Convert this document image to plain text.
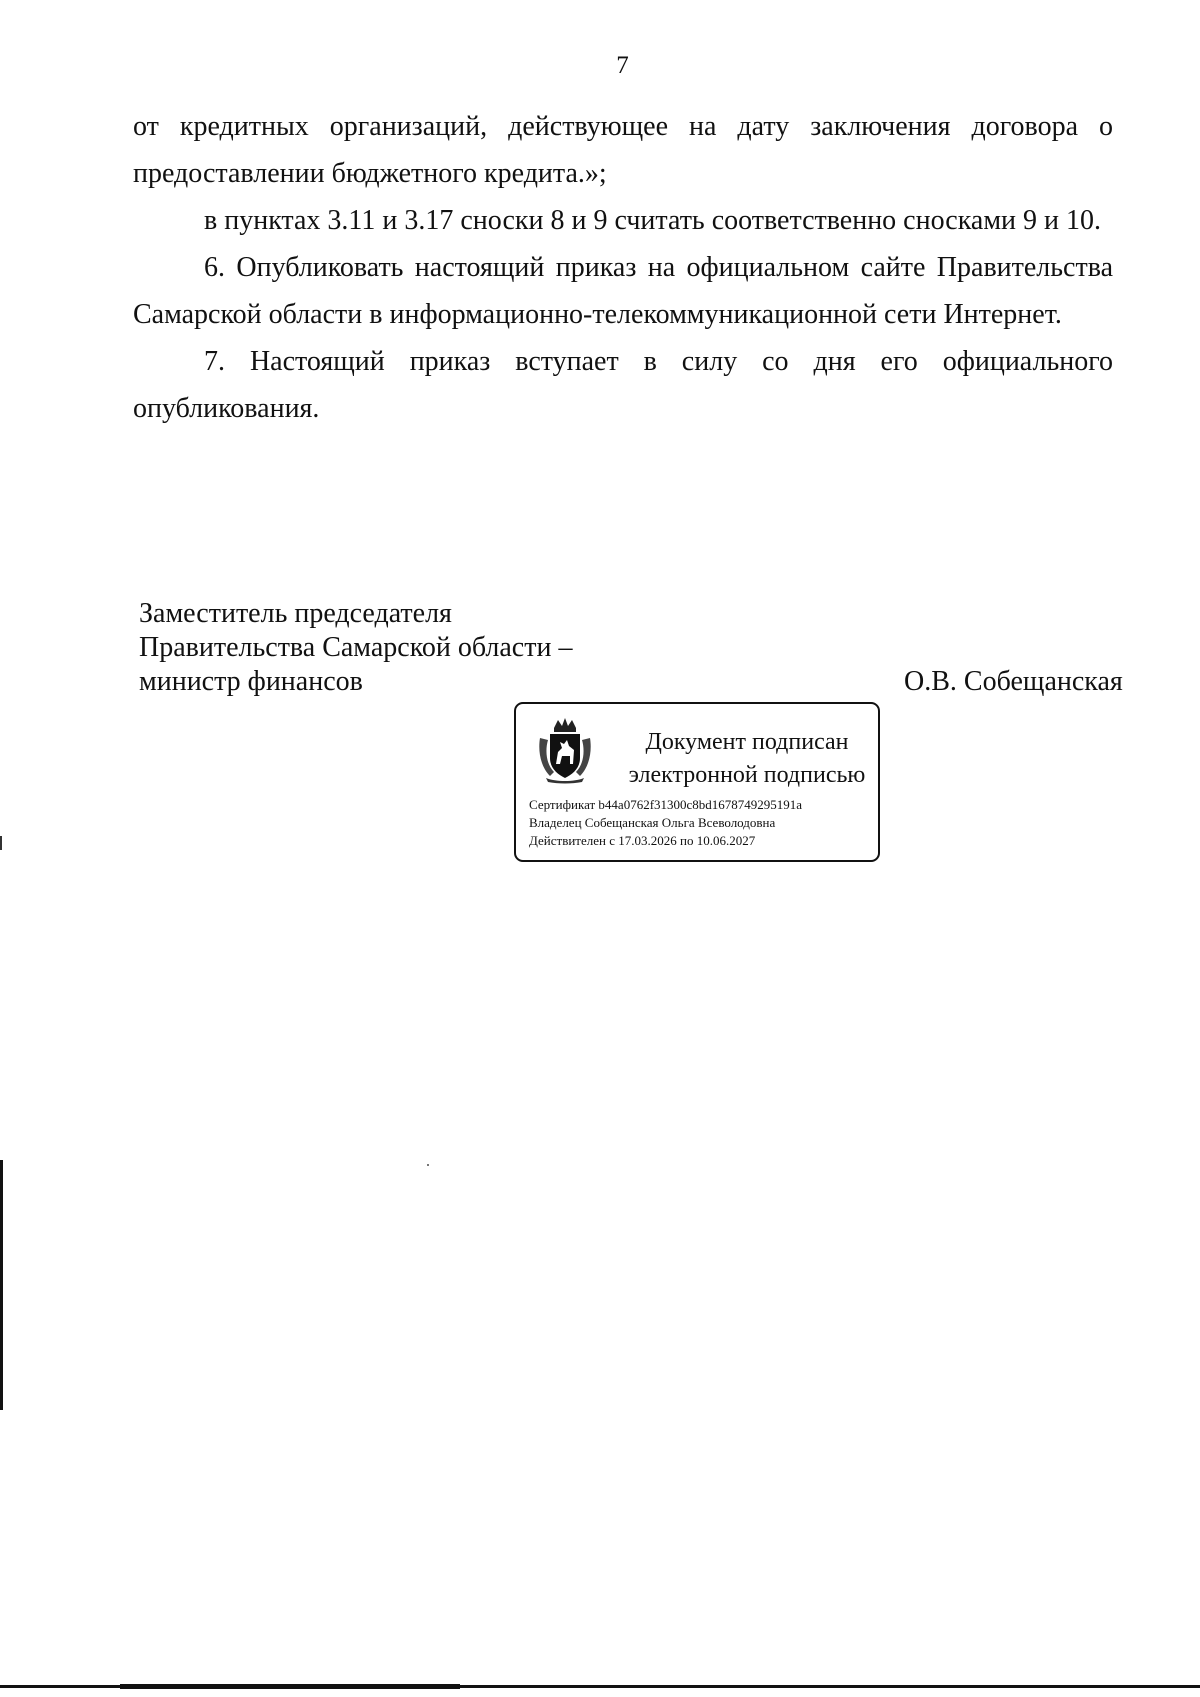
7

от кредитных организаций, действующее на дату заключения договора о предоставлении бюджетного кредита.»;

в пунктах 3.11 и 3.17 сноски 8 и 9 считать соответственно сносками 9 и 10.

6. Опубликовать настоящий приказ на официальном сайте Правительства Самарской области в информационно-телекоммуникационной сети Интернет.

7. Настоящий приказ вступает в силу со дня его официального опубликования.

Заместитель председателя
Правительства Самарской области –
министр финансов	О.В. Собещанская
Документ подписан
электронной подписью
Сертификат b44a0762f31300c8bd1678749295191a
Владелец Собещанская Ольга Всеволодовна
Действителен с 17.03.2026 по 10.06.2027
